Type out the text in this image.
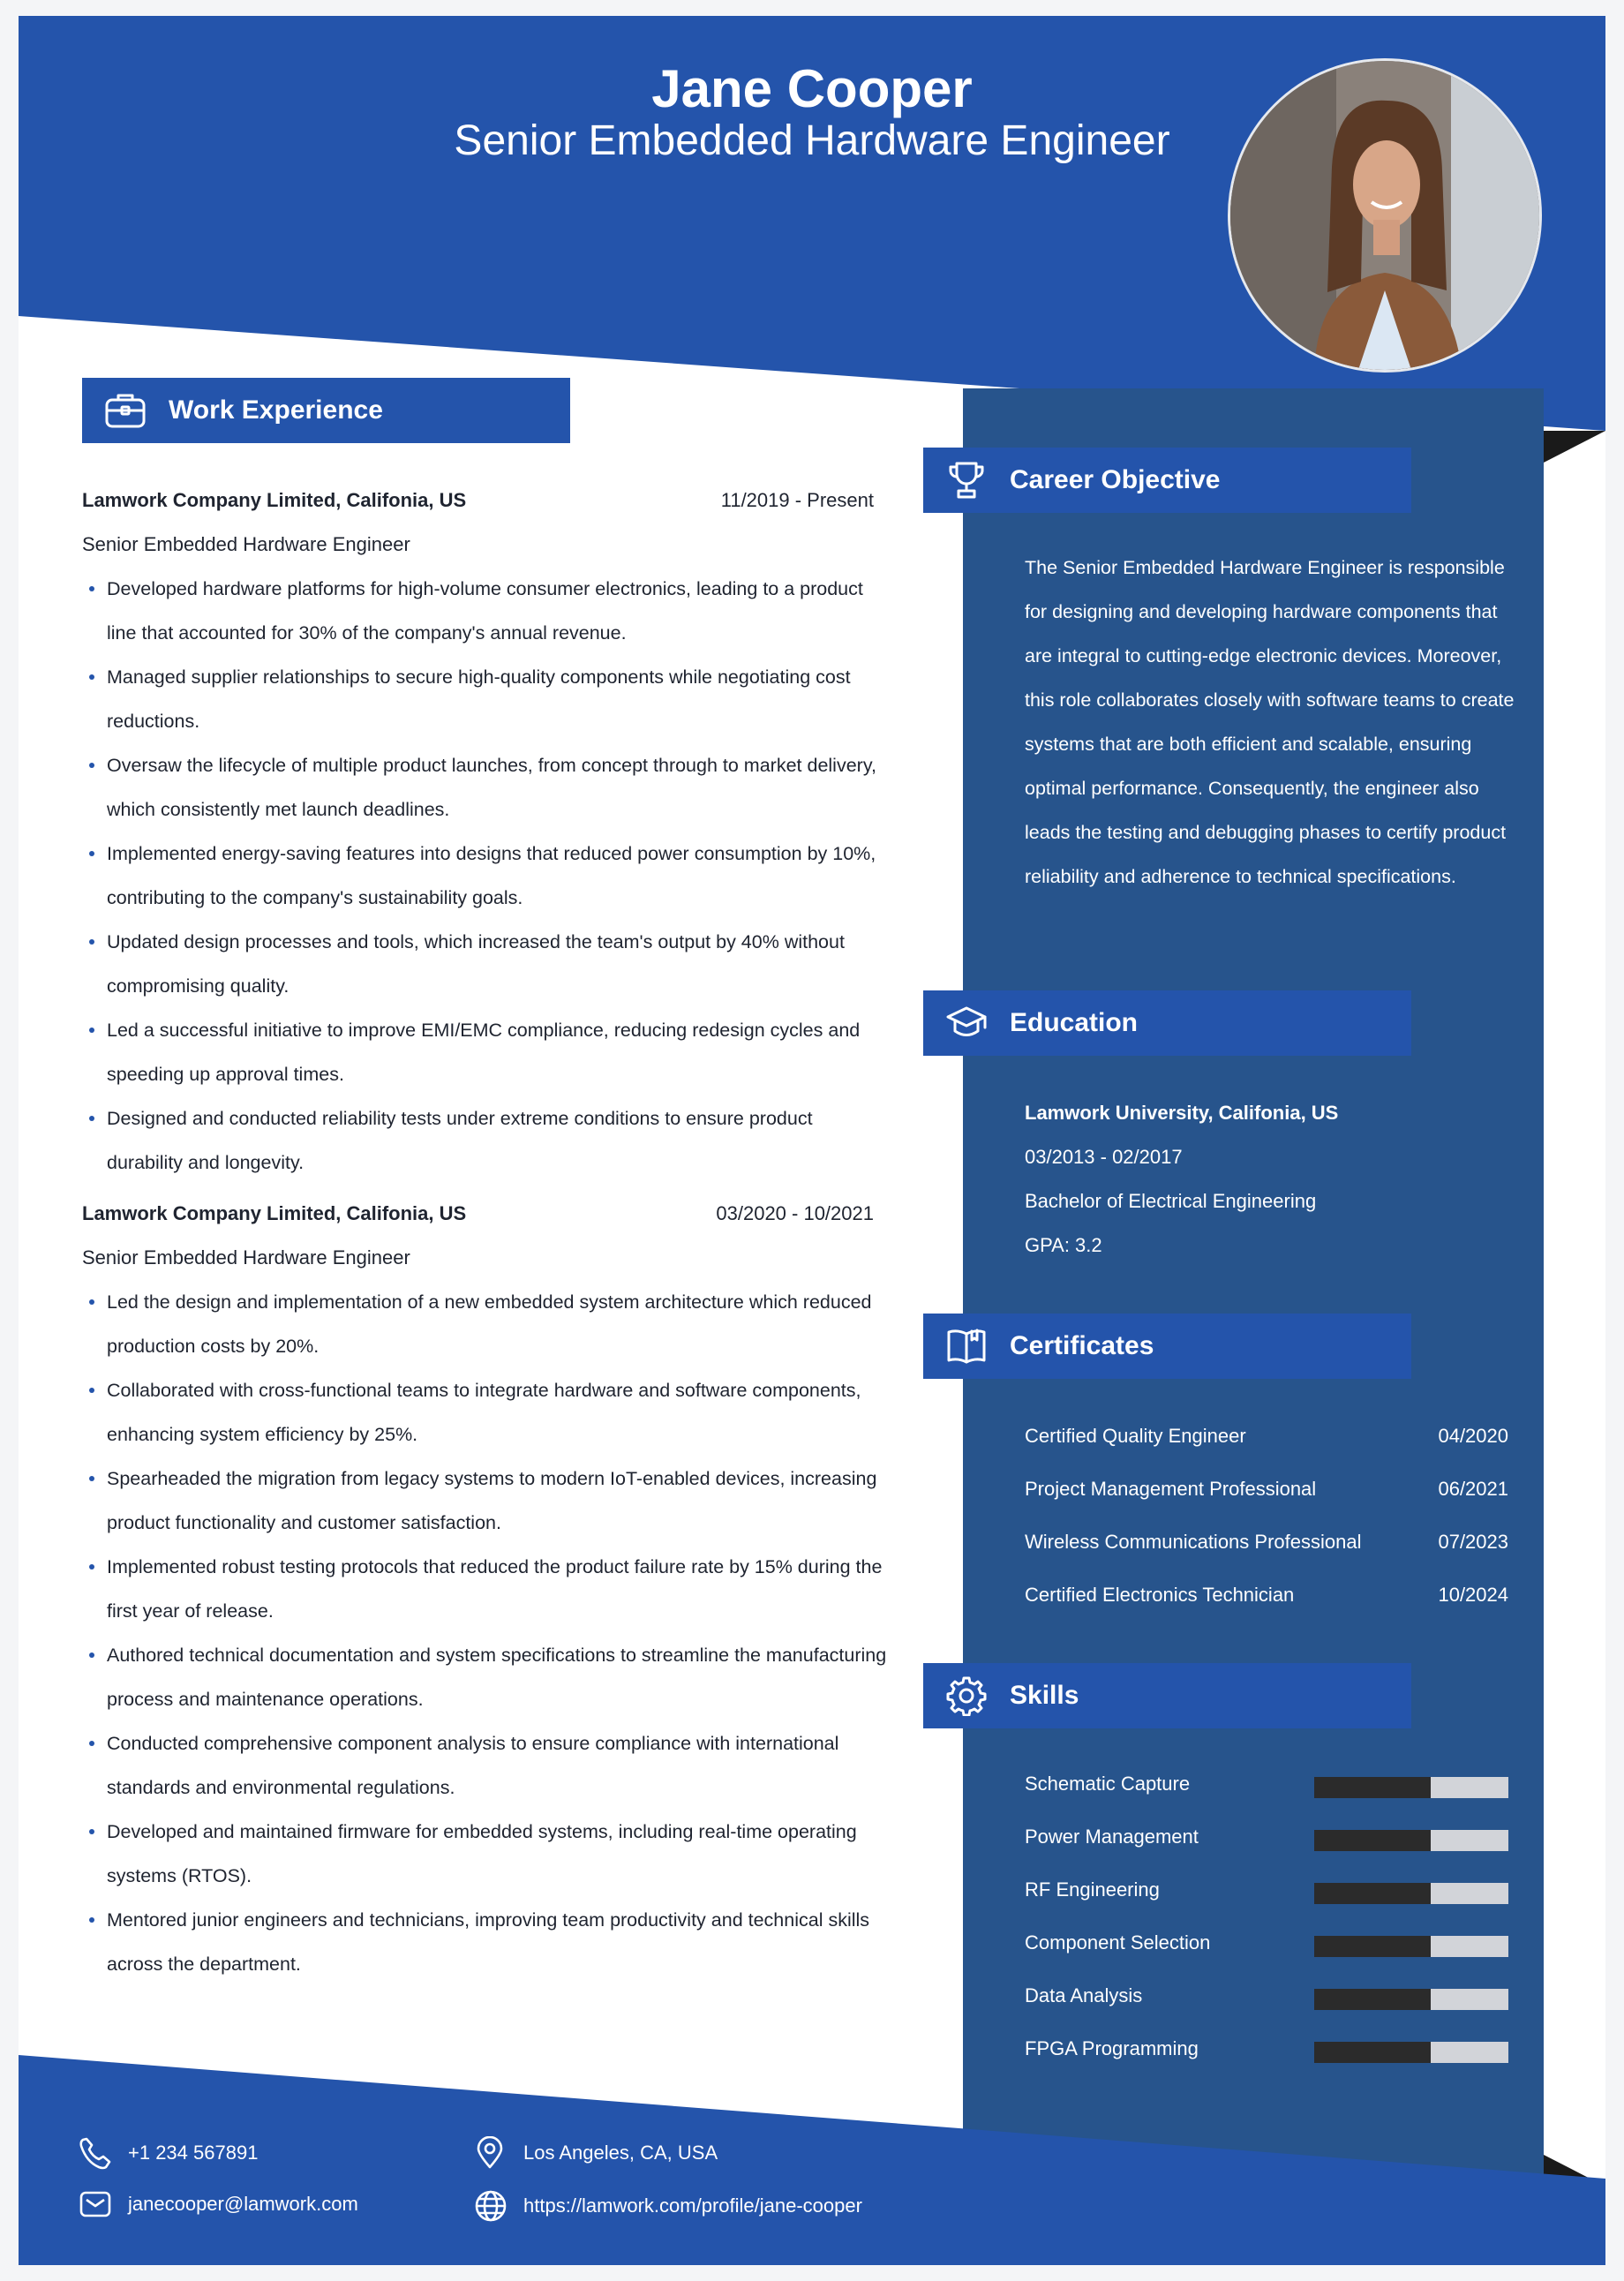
Jane Cooper
Senior Embedded Hardware Engineer
Work Experience
Lamwork Company Limited, Califonia, US	11/2019 - Present
Senior Embedded Hardware Engineer
Developed hardware platforms for high-volume consumer electronics, leading to a product line that accounted for 30% of the company's annual revenue.
Managed supplier relationships to secure high-quality components while negotiating cost reductions.
Oversaw the lifecycle of multiple product launches, from concept through to market delivery, which consistently met launch deadlines.
Implemented energy-saving features into designs that reduced power consumption by 10%, contributing to the company's sustainability goals.
Updated design processes and tools, which increased the team's output by 40% without compromising quality.
Led a successful initiative to improve EMI/EMC compliance, reducing redesign cycles and speeding up approval times.
Designed and conducted reliability tests under extreme conditions to ensure product durability and longevity.
Lamwork Company Limited, Califonia, US	03/2020 - 10/2021
Senior Embedded Hardware Engineer
Led the design and implementation of a new embedded system architecture which reduced production costs by 20%.
Collaborated with cross-functional teams to integrate hardware and software components, enhancing system efficiency by 25%.
Spearheaded the migration from legacy systems to modern IoT-enabled devices, increasing product functionality and customer satisfaction.
Implemented robust testing protocols that reduced the product failure rate by 15% during the first year of release.
Authored technical documentation and system specifications to streamline the manufacturing process and maintenance operations.
Conducted comprehensive component analysis to ensure compliance with international standards and environmental regulations.
Developed and maintained firmware for embedded systems, including real-time operating systems (RTOS).
Mentored junior engineers and technicians, improving team productivity and technical skills across the department.
Career Objective
The Senior Embedded Hardware Engineer is responsible for designing and developing hardware components that are integral to cutting-edge electronic devices. Moreover, this role collaborates closely with software teams to create systems that are both efficient and scalable, ensuring optimal performance. Consequently, the engineer also leads the testing and debugging phases to certify product reliability and adherence to technical specifications.
Education
Lamwork University, Califonia, US
03/2013 - 02/2017
Bachelor of Electrical Engineering
GPA: 3.2
Certificates
Certified Quality Engineer	04/2020
Project Management Professional	06/2021
Wireless Communications Professional	07/2023
Certified Electronics Technician	10/2024
Skills
Schematic Capture
Power Management
RF Engineering
Component Selection
Data Analysis
FPGA Programming
+1 234 567891	Los Angeles, CA, USA
janecooper@lamwork.com	https://lamwork.com/profile/jane-cooper
